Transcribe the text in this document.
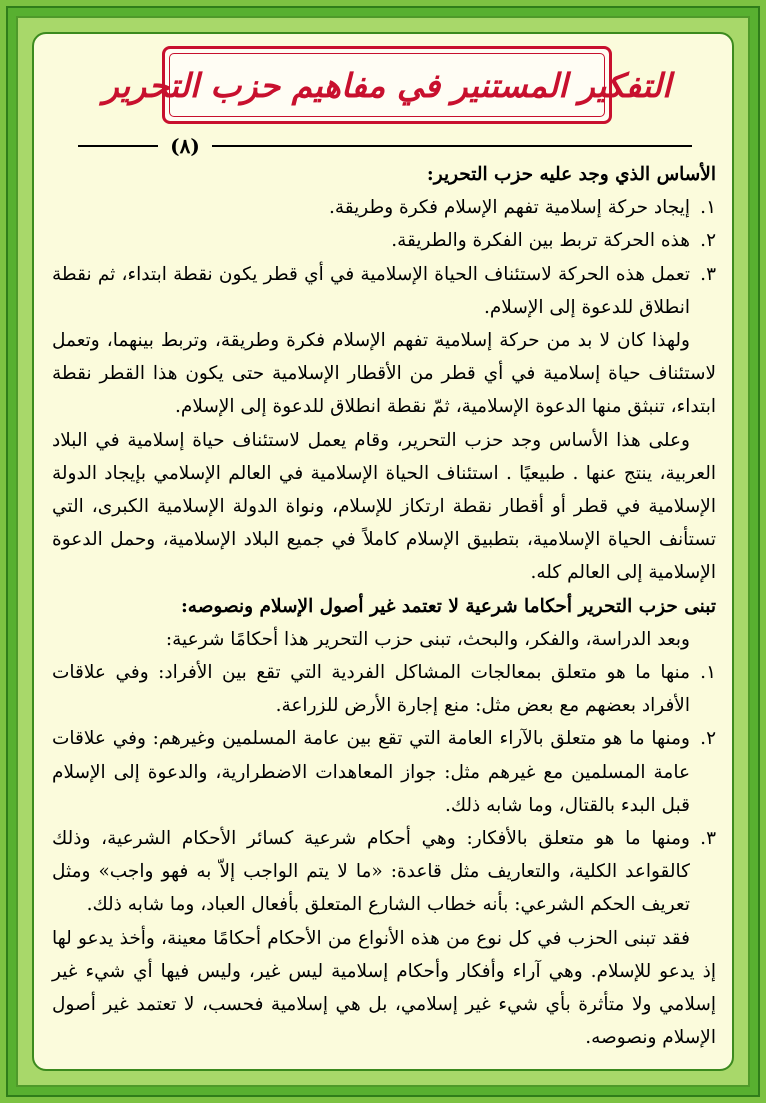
التفكير المستنير في مفاهيم حزب التحرير
(٨)

الأساس الذي وجد عليه حزب التحرير:

١.
إيجاد حركة إسلامية تفهم الإسلام فكرة وطريقة.
٢.
هذه الحركة تربط بين الفكرة والطريقة.
٣.
تعمل هذه الحركة لاستئناف الحياة الإسلامية في أي قطر يكون نقطة ابتداء، ثم نقطة انطلاق للدعوة إلى الإسلام.

ولهذا كان لا بد من حركة إسلامية تفهم الإسلام فكرة وطريقة، وتربط بينهما، وتعمل لاستئناف حياة إسلامية في أي قطر من الأقطار الإسلامية حتى يكون هذا القطر نقطة ابتداء، تنبثق منها الدعوة الإسلامية، ثمّ نقطة انطلاق للدعوة إلى الإسلام.

وعلى هذا الأساس وجد حزب التحرير، وقام يعمل لاستئناف حياة إسلامية في البلاد العربية، ينتج عنها . طبيعيًا . استئناف الحياة الإسلامية في العالم الإسلامي بإيجاد الدولة الإسلامية في قطر أو أقطار نقطة ارتكاز للإسلام، ونواة الدولة الإسلامية الكبرى، التي تستأنف الحياة الإسلامية، بتطبيق الإسلام كاملاً في جميع البلاد الإسلامية، وحمل الدعوة الإسلامية إلى العالم كله.

تبنى حزب التحرير أحكاما شرعية لا تعتمد غير أصول الإسلام ونصوصه:

وبعد الدراسة، والفكر، والبحث، تبنى حزب التحرير هذا أحكامًا شرعية:

١.
منها ما هو متعلق بمعالجات المشاكل الفردية التي تقع بين الأفراد: وفي علاقات الأفراد بعضهم مع بعض مثل: منع إجارة الأرض للزراعة.
٢.
ومنها ما هو متعلق بالآراء العامة التي تقع بين عامة المسلمين وغيرهم: وفي علاقات عامة المسلمين مع غيرهم مثل: جواز المعاهدات الاضطرارية، والدعوة إلى الإسلام قبل البدء بالقتال، وما شابه ذلك.
٣.
ومنها ما هو متعلق بالأفكار: وهي أحكام شرعية كسائر الأحكام الشرعية، وذلك كالقواعد الكلية، والتعاريف مثل قاعدة: «ما لا يتم الواجب إلاّ به فهو واجب» ومثل تعريف الحكم الشرعي: بأنه خطاب الشارع المتعلق بأفعال العباد، وما شابه ذلك.

فقد تبنى الحزب في كل نوع من هذه الأنواع من الأحكام أحكامًا معينة، وأخذ يدعو لها إذ يدعو للإسلام. وهي آراء وأفكار وأحكام إسلامية ليس غير، وليس فيها أي شيء غير إسلامي ولا متأثرة بأي شيء غير إسلامي، بل هي إسلامية فحسب، لا تعتمد غير أصول الإسلام ونصوصه.
